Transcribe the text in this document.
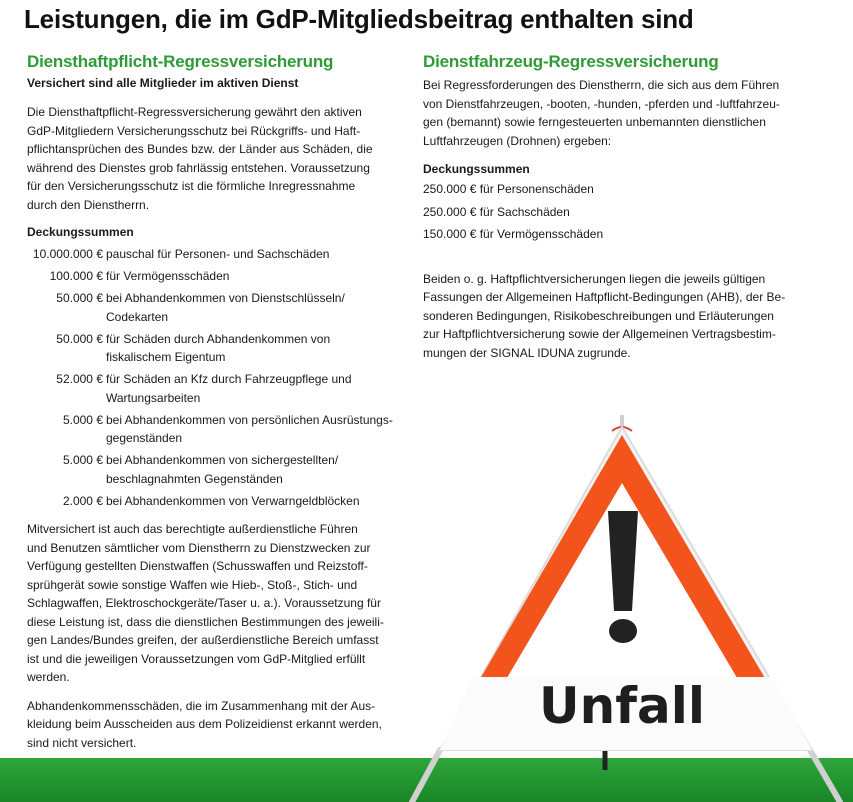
Leistungen, die im GdP-Mitgliedsbeitrag enthalten sind
Diensthaftpflicht-Regressversicherung
Versichert sind alle Mitglieder im aktiven Dienst

Die Diensthaftpflicht-Regressversicherung gewährt den aktiven
GdP-Mitgliedern Versicherungsschutz bei Rückgriffs- und Haft-
pflichtansprüchen des Bundes bzw. der Länder aus Schäden, die
während des Dienstes grob fahrlässig entstehen. Voraussetzung
für den Versicherungsschutz ist die förmliche Inregressnahme
durch den Dienstherrn.

Deckungssummen
10.000.000 € pauschal für Personen- und Sachschäden
100.000 € für Vermögensschäden
50.000 € bei Abhandenkommen von Dienstschlüsseln/ Codekarten
50.000 € für Schäden durch Abhandenkommen von fiskalischem Eigentum
52.000 € für Schäden an Kfz durch Fahrzeugpflege und Wartungsarbeiten
5.000 € bei Abhandenkommen von persönlichen Ausrüstungs-gegenständen
5.000 € bei Abhandenkommen von sichergestellten/ beschlagnahmten Gegenständen
2.000 € bei Abhandenkommen von Verwarngeldblöcken

Mitversichert ist auch das berechtigte außerdienstliche Führen
und Benutzen sämtlicher vom Dienstherrn zu Dienstzwecken zur
Verfügung gestellten Dienstwaffen (Schusswaffen und Reizstoff-
sprühgerät sowie sonstige Waffen wie Hieb-, Stoß-, Stich- und
Schlagwaffen, Elektroschockgeräte/Taser u. a.). Voraussetzung für
diese Leistung ist, dass die dienstlichen Bestimmungen des jeweili-
gen Landes/Bundes greifen, der außerdienstliche Bereich umfasst
ist und die jeweiligen Voraussetzungen vom GdP-Mitglied erfüllt
werden.

Abhandenkommensschäden, die im Zusammenhang mit der Aus-
kleidung beim Ausscheiden aus dem Polizeidienst erkannt werden,
sind nicht versichert.

Dienstfahrzeug-Regressversicherung

Bei Regressforderungen des Dienstherrn, die sich aus dem Führen
von Dienstfahrzeugen, -booten, -hunden, -pferden und -luftfahrzeu-
gen (bemannt) sowie ferngesteuerten unbemannten dienstlichen
Luftfahrzeugen (Drohnen) ergeben:

Deckungssummen
250.000 € für Personenschäden
250.000 € für Sachschäden
150.000 € für Vermögensschäden

Beiden o. g. Haftpflichtversicherungen liegen die jeweils gültigen
Fassungen der Allgemeinen Haftpflicht-Bedingungen (AHB), der Be-
sonderen Bedingungen, Risikobeschreibungen und Erläuterungen
zur Haftpflichtversicherung sowie der Allgemeinen Vertragsbestim-
mungen der SIGNAL IDUNA zugrunde.

Unfall
